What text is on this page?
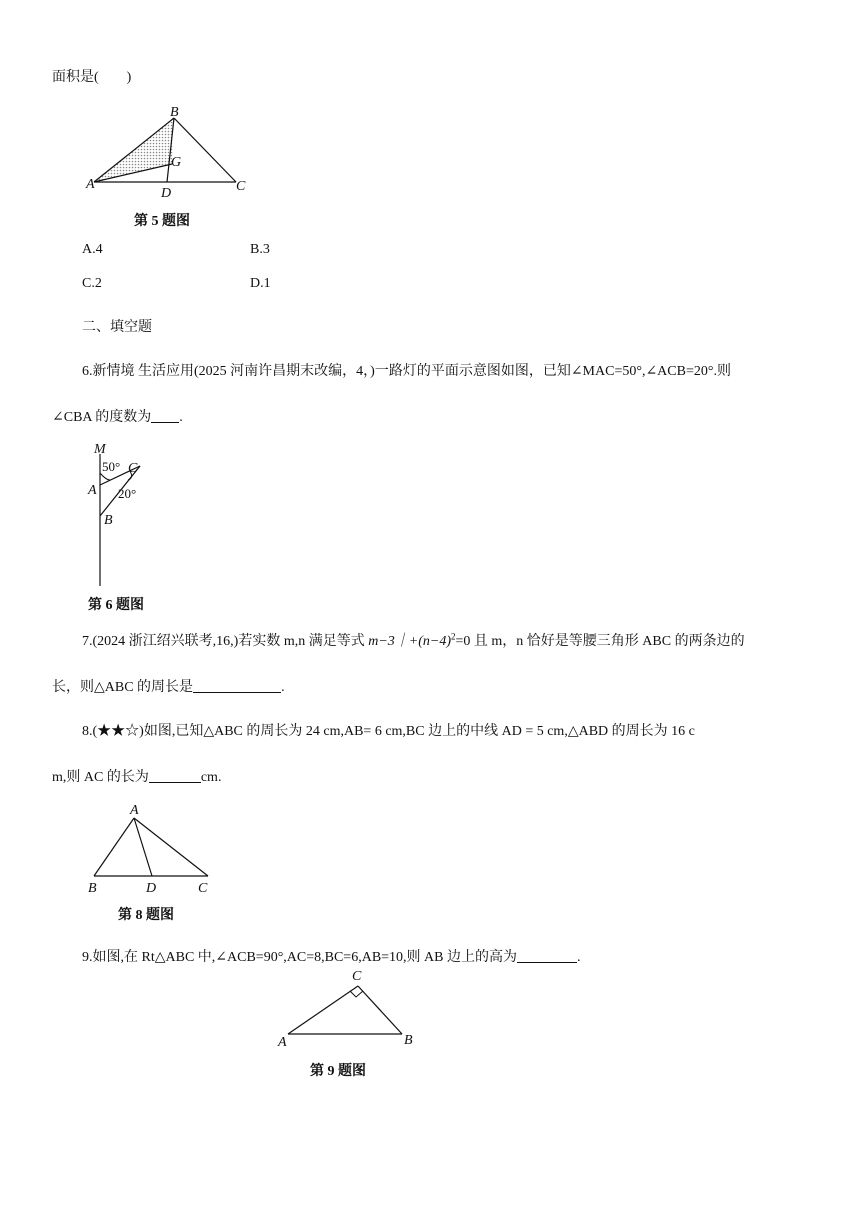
面积是(　　)
A
B
C
D
G
第 5 题图
A.4	B.3
C.2	D.1
二、填空题
6.新情境 生活应用(2025 河南许昌期末改编，4，)一路灯的平面示意图如图，已知∠MAC=50°,∠ACB=20°.则
∠CBA 的度数为 .
M
A
B
C
50°
20°
第 6 题图
7.(2024 浙江绍兴联考,16,)若实数 m,n 满足等式 $m-3|+(n-4)^2=0$ 且 m，n 恰好是等腰三角形 ABC 的两条边的
长，则△ABC 的周长是	.
8.(★★☆)如图,已知△ABC 的周长为 24 cm,AB= 6 cm,BC 边上的中线 AD = 5 cm,△ABD 的周长为 16 c
m,则 AC 的长为	cm.
A
B	C
D
第 8 题图
9.如图,在 Rt△ABC 中,∠ACB=90°,AC=8,BC=6,AB=10,则 AB 边上的高为	.
A	B
C
第 9 题图
